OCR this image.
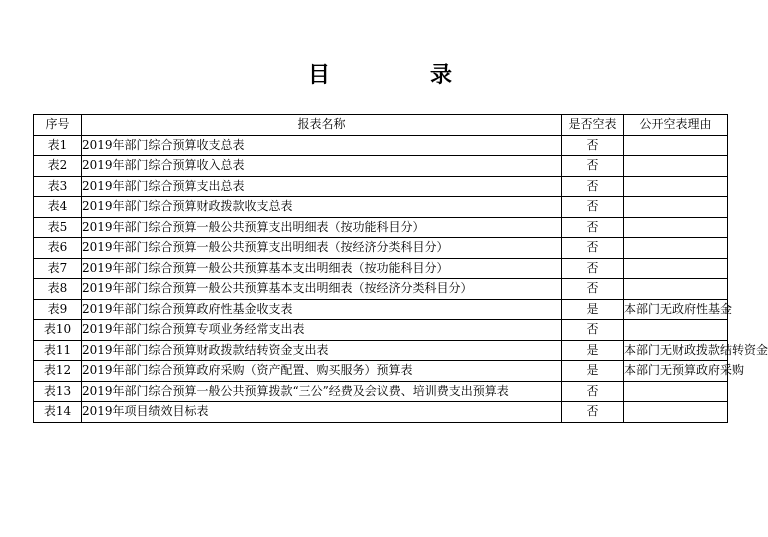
目	录
序号	报表名称	是否空表	公开空表理由
表1	2019年部门综合预算收支总表	否	
表2	2019年部门综合预算收入总表	否	
表3	2019年部门综合预算支出总表	否	
表4	2019年部门综合预算财政拨款收支总表	否	
表5	2019年部门综合预算一般公共预算支出明细表（按功能科目分）	否	
表6	2019年部门综合预算一般公共预算支出明细表（按经济分类科目分）	否	
表7	2019年部门综合预算一般公共预算基本支出明细表（按功能科目分）	否	
表8	2019年部门综合预算一般公共预算基本支出明细表（按经济分类科目分）	否	
表9	2019年部门综合预算政府性基金收支表	是	本部门无政府性基金
表10	2019年部门综合预算专项业务经常支出表	否	
表11	2019年部门综合预算财政拨款结转资金支出表	是	本部门无财政拨款结转资金
表12	2019年部门综合预算政府采购（资产配置、购买服务）预算表	是	本部门无预算政府采购
表13	2019年部门综合预算一般公共预算拨款“三公”经费及会议费、培训费支出预算表	否	
表14	2019年项目绩效目标表	否	
